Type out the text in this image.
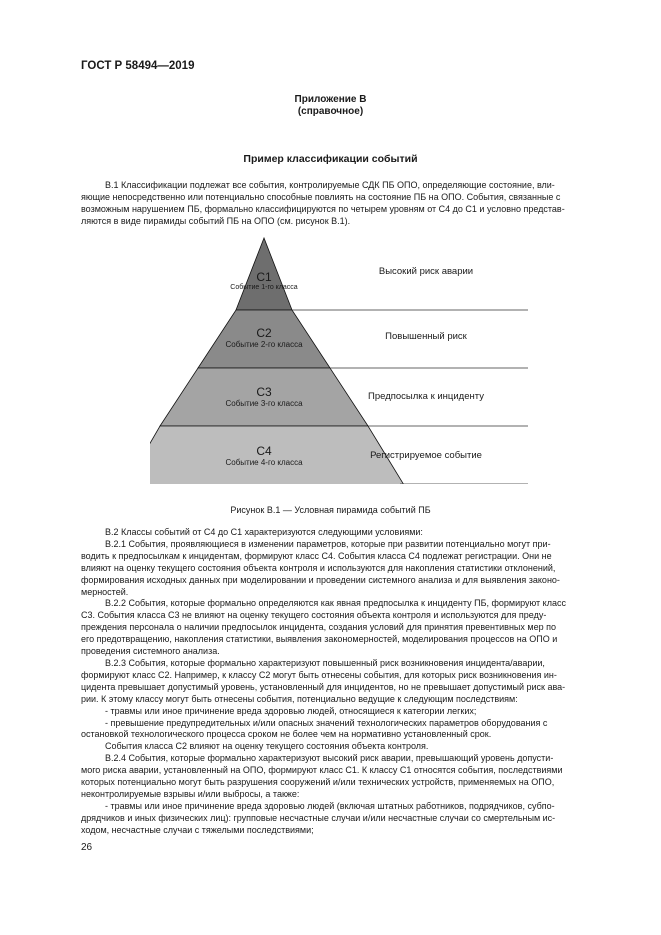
ГОСТ Р 58494—2019
Приложение В
(справочное)
Пример классификации событий
В.1 Классификации подлежат все события, контролируемые СДК ПБ ОПО, определяющие состояние, вли-
яющие непосредственно или потенциально способные повлиять на состояние ПБ на ОПО. События, связанные с
возможным нарушением ПБ, формально классифицируются по четырем уровням от С4 до С1 и условно представ-
ляются в виде пирамиды событий ПБ на ОПО (см. рисунок В.1).
С1
Событие 1-го класса
С2
Событие 2-го класса
С3
Событие 3-го класса
С4
Событие 4-го класса
Высокий риск аварии
Повышенный риск
Предпосылка к инциденту
Регистрируемое событие
Рисунок В.1 — Условная пирамида событий ПБ
В.2 Классы событий от С4 до С1 характеризуются следующими условиями:
В.2.1 События, проявляющиеся в изменении параметров, которые при развитии потенциально могут при-
водить к предпосылкам к инцидентам, формируют класс С4. События класса С4 подлежат регистрации. Они не
влияют на оценку текущего состояния объекта контроля и используются для накопления статистики отклонений,
формирования исходных данных при моделировании и проведении системного анализа и для выявления законо-
мерностей.
В.2.2 События, которые формально определяются как явная предпосылка к инциденту ПБ, формируют класс
С3. События класса С3 не влияют на оценку текущего состояния объекта контроля и используются для преду-
преждения персонала о наличии предпосылок инцидента, создания условий для принятия превентивных мер по
его предотвращению, накопления статистики, выявления закономерностей, моделирования процессов на ОПО и
проведения системного анализа.
В.2.3 События, которые формально характеризуют повышенный риск возникновения инцидента/аварии,
формируют класс С2. Например, к классу С2 могут быть отнесены события, для которых риск возникновения ин-
цидента превышает допустимый уровень, установленный для инцидентов, но не превышает допустимый риск ава-
рии. К этому классу могут быть отнесены события, потенциально ведущие к следующим последствиям:
- травмы или иное причинение вреда здоровью людей, относящиеся к категории легких;
- превышение предупредительных и/или опасных значений технологических параметров оборудования с
остановкой технологического процесса сроком не более чем на нормативно установленный срок.
События класса С2 влияют на оценку текущего состояния объекта контроля.
В.2.4 События, которые формально характеризуют высокий риск аварии, превышающий уровень допусти-
мого риска аварии, установленный на ОПО, формируют класс С1. К классу С1 относятся события, последствиями
которых потенциально могут быть разрушения сооружений и/или технических устройств, применяемых на ОПО,
неконтролируемые взрывы и/или выбросы, а также:
- травмы или иное причинение вреда здоровью людей (включая штатных работников, подрядчиков, субпо-
дрядчиков и иных физических лиц): групповые несчастные случаи и/или несчастные случаи со смертельным ис-
ходом, несчастные случаи с тяжелыми последствиями;
26
